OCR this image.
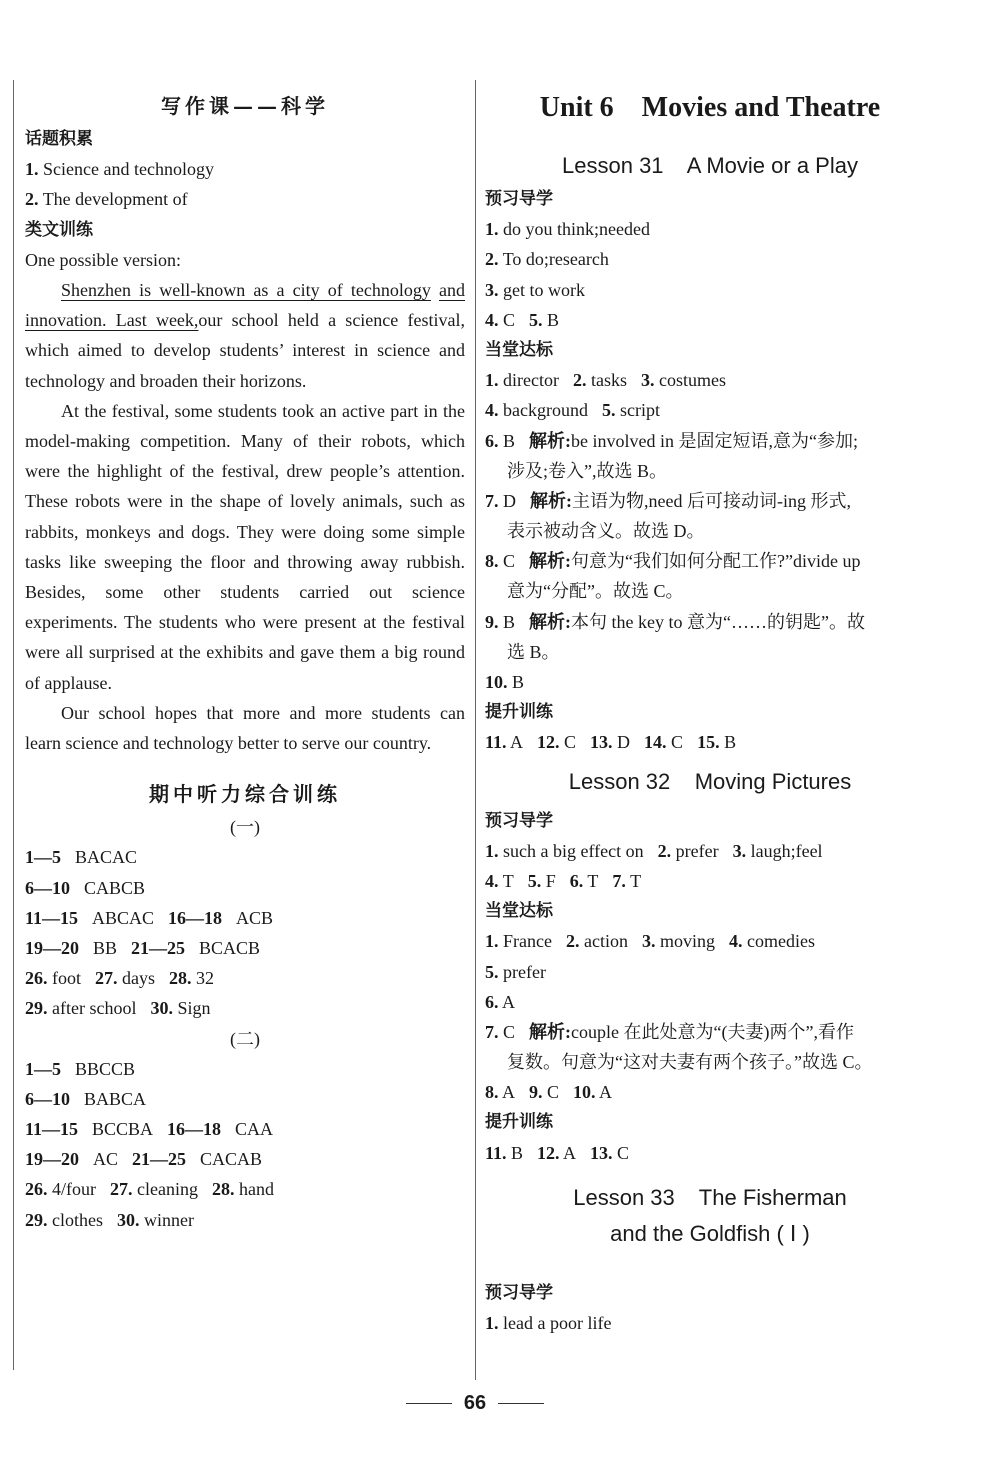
写作课——科学
话题积累
1. Science and technology
2. The development of
类文训练
One possible version:

Shenzhen is well-known as a city of technology and innovation. Last week,our school held a science festival, which aimed to develop students’ interest in science and technology and broaden their horizons.

At the festival, some students took an active part in the model-making competition. Many of their robots, which were the highlight of the festival, drew people’s attention. These robots were in the shape of lovely animals, such as rabbits, monkeys and dogs. They were doing some simple tasks like sweeping the floor and throwing away rubbish. Besides, some other students carried out science experiments. The students who were present at the festival were all surprised at the exhibits and gave them a big round of applause.

Our school hopes that more and more students can learn science and technology better to serve our country.

期中听力综合训练
(一)
1—5 BACAC
6—10 CABCB
11—15 ABCAC 16—18 ACB
19—20 BB 21—25 BCACB
26. foot 27. days 28. 32
29. after school 30. Sign
(二)
1—5 BBCCB
6—10 BABCA
11—15 BCCBA 16—18 CAA
19—20 AC 21—25 CACAB
26. 4/four 27. cleaning 28. hand
29. clothes 30. winner
Unit 6    Movies and Theatre
Lesson 31    A Movie or a Play
预习导学
1. do you think;needed
2. To do;research
3. get to work
4. C 5. B
当堂达标
1. director 2. tasks 3. costumes
4. background 5. script
6. B 解析:be involved in 是固定短语,意为“参加;
涉及;卷入”,故选 B。
7. D 解析:主语为物,need 后可接动词-ing 形式,
表示被动含义。故选 D。
8. C 解析:句意为“我们如何分配工作?”divide up
意为“分配”。故选 C。
9. B 解析:本句 the key to 意为“……的钥匙”。故
选 B。
10. B
提升训练
11. A 12. C 13. D 14. C 15. B
Lesson 32    Moving Pictures
预习导学
1. such a big effect on 2. prefer 3. laugh;feel
4. T 5. F 6. T 7. T
当堂达标
1. France 2. action 3. moving 4. comedies
5. prefer
6. A
7. C 解析:couple 在此处意为“(夫妻)两个”,看作
复数。句意为“这对夫妻有两个孩子。”故选 C。
8. A 9. C 10. A
提升训练
11. B 12. A 13. C
Lesson 33    The Fisherman
and the Goldfish ( Ⅰ )
预习导学
1. lead a poor life
66
